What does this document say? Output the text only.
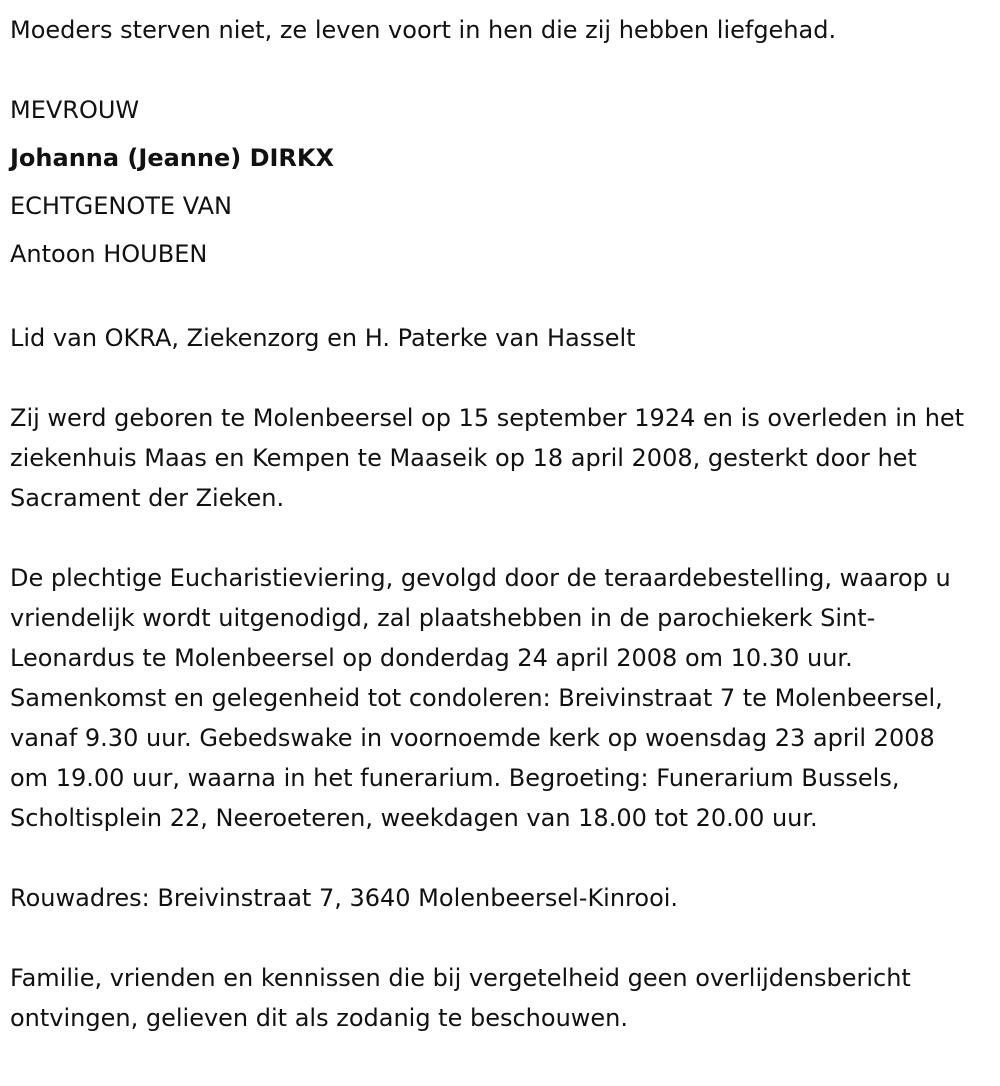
Moeders sterven niet, ze leven voort in hen die zij hebben liefgehad.

MEVROUW

Johanna (Jeanne) DIRKX

ECHTGENOTE VAN

Antoon HOUBEN

Lid van OKRA, Ziekenzorg en H. Paterke van Hasselt

Zij werd geboren te Molenbeersel op 15 september 1924 en is overleden in het ziekenhuis Maas en Kempen te Maaseik op 18 april 2008, gesterkt door het Sacrament der Zieken.

De plechtige Eucharistieviering, gevolgd door de teraardebestelling, waarop u vriendelijk wordt uitgenodigd, zal plaatshebben in de parochiekerk Sint-Leonardus te Molenbeersel op donderdag 24 april 2008 om 10.30 uur. Samenkomst en gelegenheid tot condoleren: Breivinstraat 7 te Molenbeersel, vanaf 9.30 uur. Gebedswake in voornoemde kerk op woensdag 23 april 2008 om 19.00 uur, waarna in het funerarium. Begroeting: Funerarium Bussels, Scholtisplein 22, Neeroeteren, weekdagen van 18.00 tot 20.00 uur.

Rouwadres: Breivinstraat 7, 3640 Molenbeersel-Kinrooi.

Familie, vrienden en kennissen die bij vergetelheid geen overlijdensbericht ontvingen, gelieven dit als zodanig te beschouwen.
